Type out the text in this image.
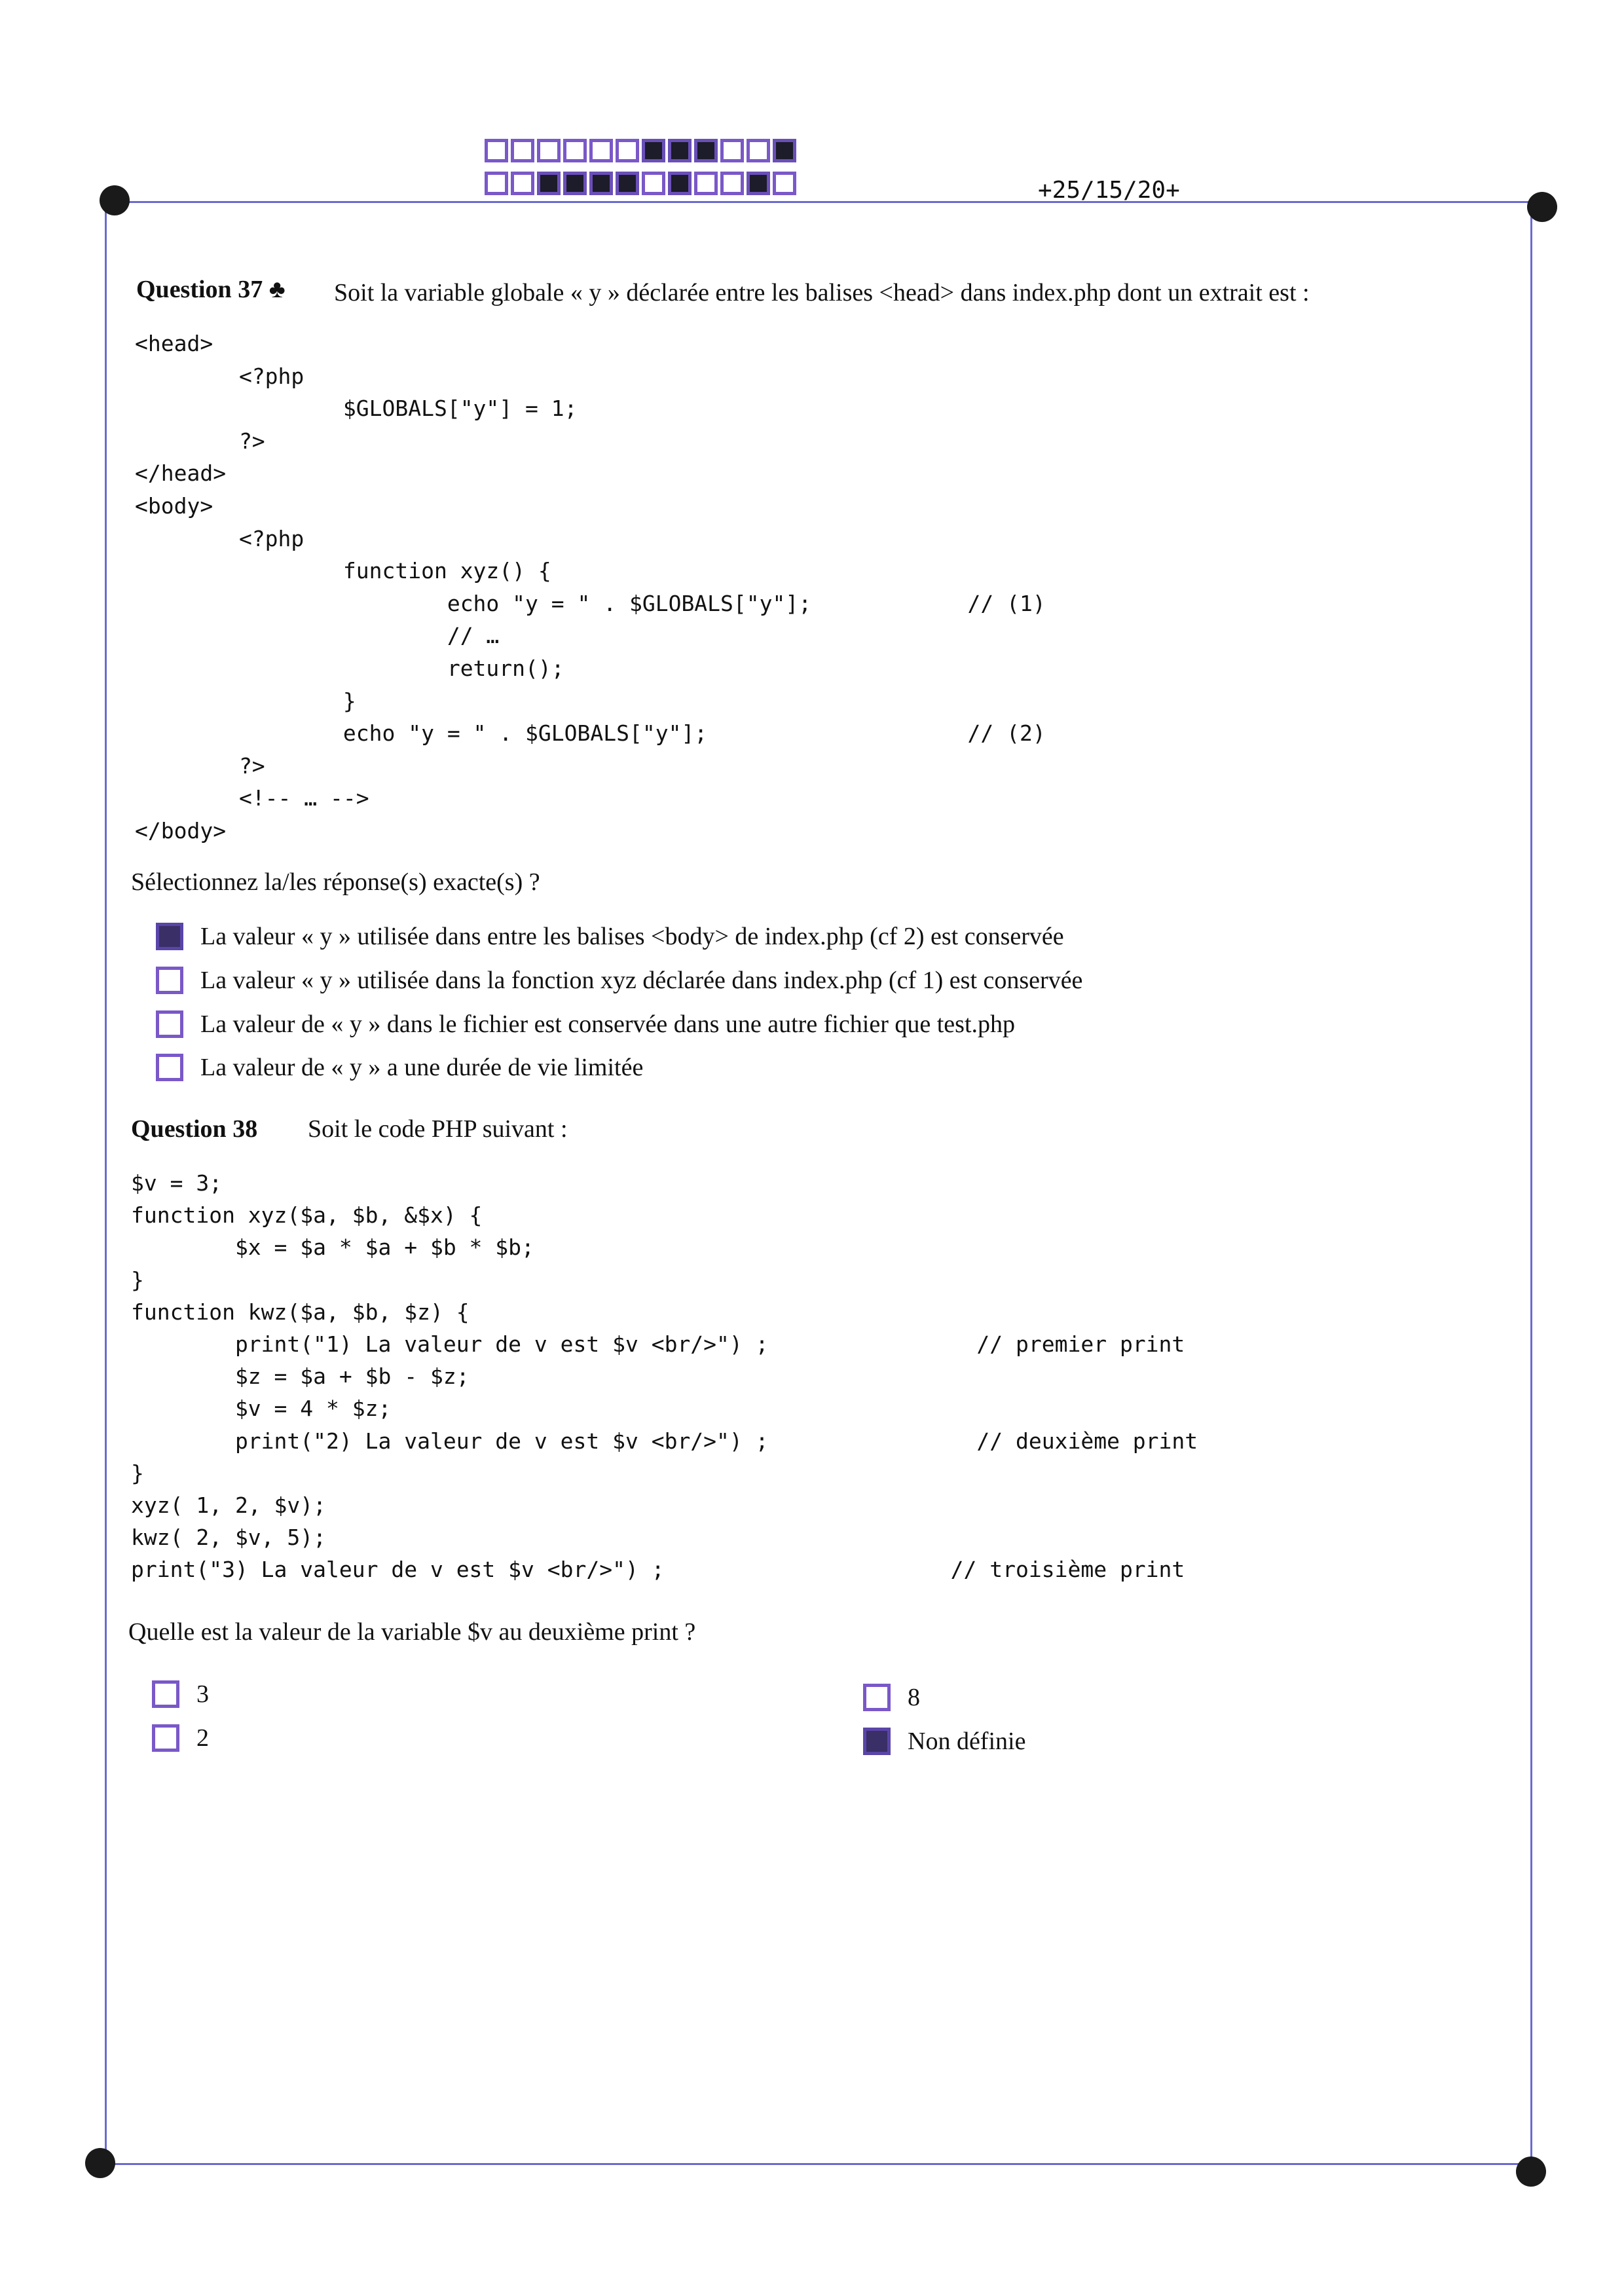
+25/15/20+
Question 37 ♣ Soit la variable globale « y » déclarée entre les balises <head> dans index.php dont un extrait est :
<head>
<?php
$GLOBALS["y"] = 1;
?>
</head>
<body>
<?php
function xyz() {
echo "y = " . $GLOBALS["y"];            // (1)
// …
return();
}
echo "y = " . $GLOBALS["y"];                    // (2)
?>
<!-- … -->
</body>
Sélectionnez la/les réponse(s) exacte(s) ?
La valeur « y » utilisée dans entre les balises <body> de index.php (cf 2) est conservée
La valeur « y » utilisée dans la fonction xyz déclarée dans index.php (cf 1) est conservée
La valeur de « y » dans le fichier est conservée dans une autre fichier que test.php
La valeur de « y » a une durée de vie limitée
Question 38 Soit le code PHP suivant :
$v = 3;
function xyz($a, $b, &$x) {
$x = $a * $a + $b * $b;
}
function kwz($a, $b, $z) {
print("1) La valeur de v est $v <br/>") ;                // premier print
$z = $a + $b - $z;
$v = 4 * $z;
print("2) La valeur de v est $v <br/>") ;                // deuxième print
}
xyz( 1, 2, $v);
kwz( 2, $v, 5);
print("3) La valeur de v est $v <br/>") ;                      // troisième print
Quelle est la valeur de la variable $v au deuxième print ?
3
2
8
Non définie
